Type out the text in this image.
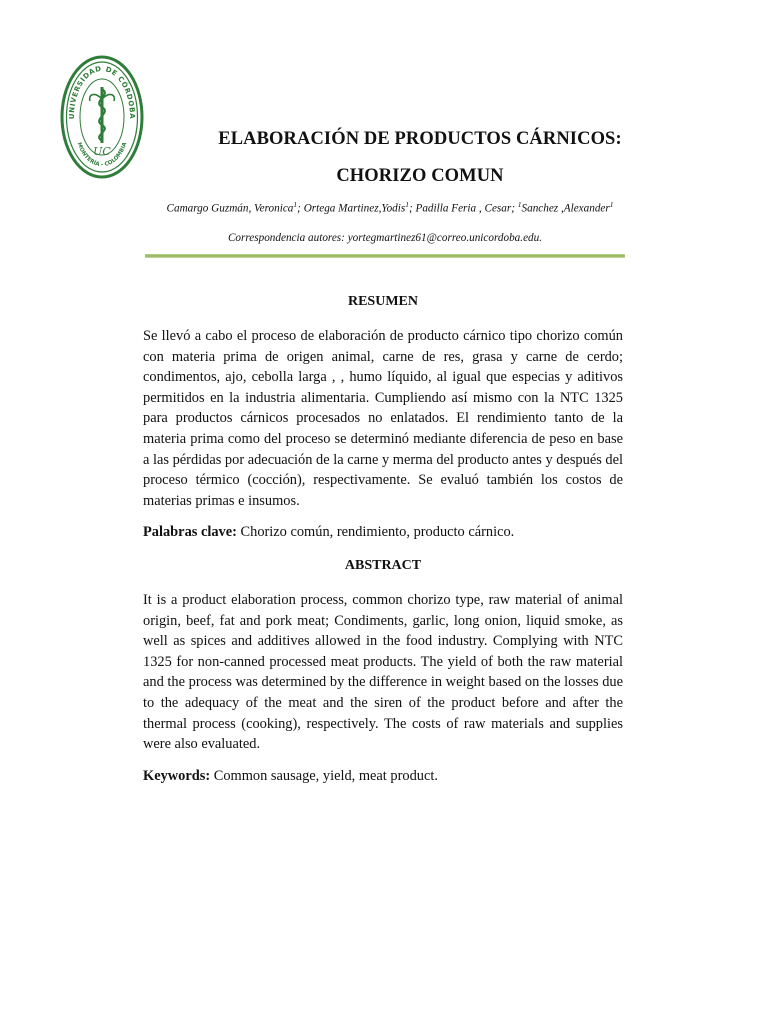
UNIVERSIDAD DE CÓRDOBA
MONTERÍA - COLOMBIA
UC
ELABORACIÓN DE PRODUCTOS CÁRNICOS:
CHORIZO COMUN
Camargo Guzmán, Veronica$^1$; Ortega Martinez,Yodis$^1$; Padilla Feria , Cesar; $^1$Sanchez ,Alexander$^1$
Correspondencia autores: yortegmartinez61@correo.unicordoba.edu.
RESUMEN

Se llevó a cabo el proceso de elaboración de producto cárnico tipo chorizo común con materia prima de origen animal, carne de res, grasa y carne de cerdo; condimentos, ajo, cebolla larga , , humo líquido, al igual que especias y aditivos permitidos en la industria alimentaria. Cumpliendo así mismo con la NTC 1325 para productos cárnicos procesados no enlatados. El rendimiento tanto de la materia prima como del proceso se determinó mediante diferencia de peso en base a las pérdidas por adecuación de la carne y merma del producto antes y después del proceso térmico (cocción), respectivamente. Se evaluó también los costos de materias primas e insumos.

Palabras clave: Chorizo común, rendimiento, producto cárnico.

ABSTRACT

It is a product elaboration process, common chorizo type, raw material of animal origin, beef, fat and pork meat; Condiments, garlic, long onion, liquid smoke, as well as spices and additives allowed in the food industry. Complying with NTC 1325 for non-canned processed meat products. The yield of both the raw material and the process was determined by the difference in weight based on the losses due to the adequacy of the meat and the siren of the product before and after the thermal process (cooking), respectively. The costs of raw materials and supplies were also evaluated.

Keywords: Common sausage, yield, meat product.
